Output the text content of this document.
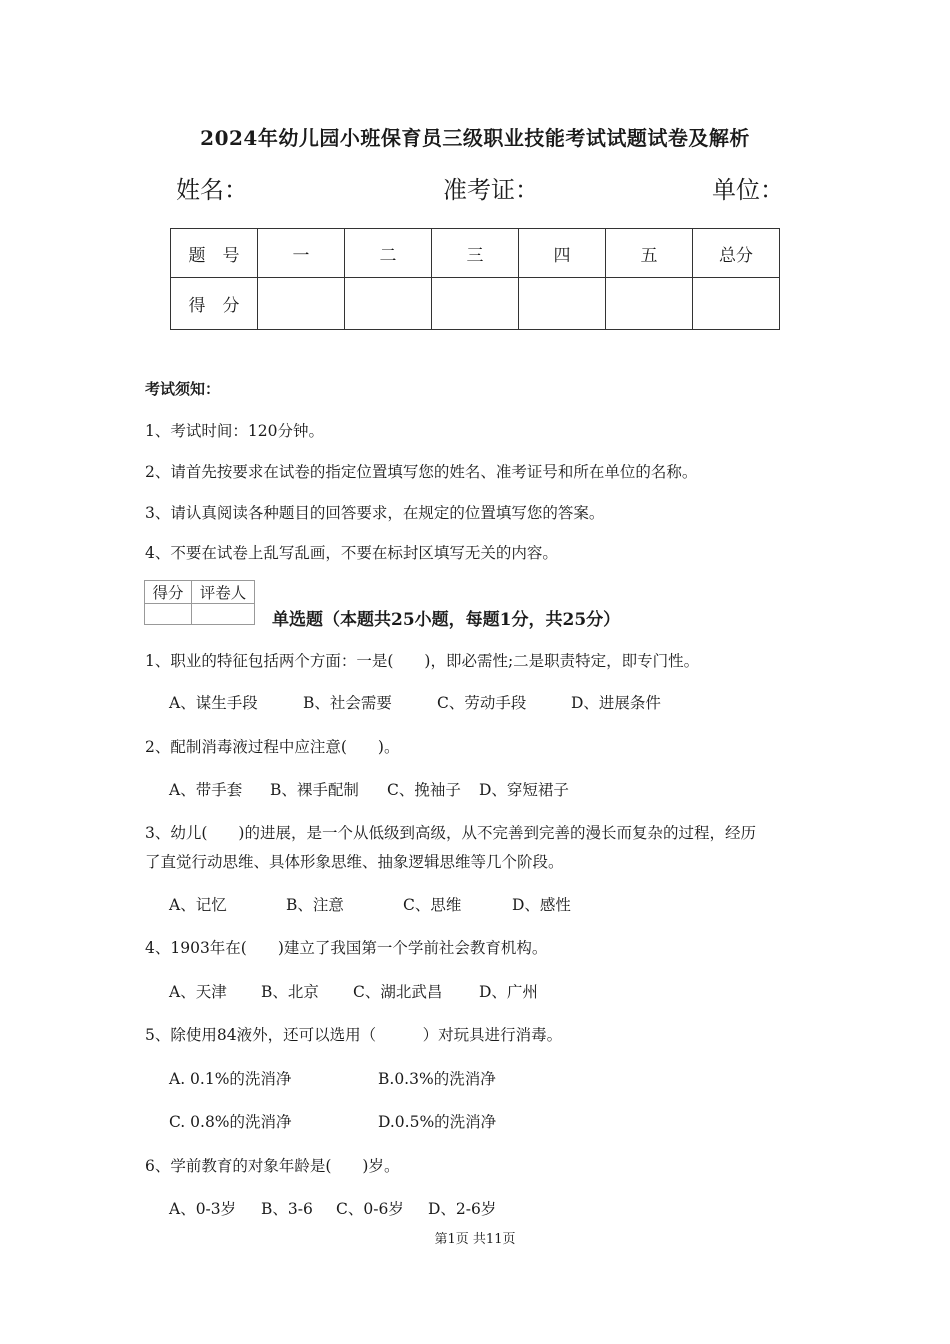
2024年幼儿园小班保育员三级职业技能考试试题试卷及解析
姓名：	准考证：	单位：
题　号	一	二	三	四	五	总分
得　分						
考试须知：
1、考试时间：120分钟。
2、请首先按要求在试卷的指定位置填写您的姓名、准考证号和所在单位的名称。
3、请认真阅读各种题目的回答要求，在规定的位置填写您的答案。
4、不要在试卷上乱写乱画，不要在标封区填写无关的内容。
得分	评卷人

单选题（本题共25小题，每题1分，共25分）
1、职业的特征包括两个方面：一是(　　)，即必需性;二是职责特定，即专门性。
A、谋生手段	B、社会需要	C、劳动手段	D、进展条件
2、配制消毒液过程中应注意(　　)。
A、带手套 B、裸手配制 C、挽袖子 D、穿短裙子
3、幼儿(　　)的进展，是一个从低级到高级，从不完善到完善的漫长而复杂的过程，经历
了直觉行动思维、具体形象思维、抽象逻辑思维等几个阶段。
A、记忆	B、注意	C、思维	D、感性
4、1903年在(　　)建立了我国第一个学前社会教育机构。
A、天津 B、北京 C、湖北武昌 D、广州
5、除使用84液外，还可以选用（　　　）对玩具进行消毒。
A. 0.1%的洗消净	B.0.3%的洗消净
C. 0.8%的洗消净	D.0.5%的洗消净
6、学前教育的对象年龄是(　　)岁。
A、0-3岁 B、3-6 C、0-6岁 D、2-6岁
第1页 共11页
